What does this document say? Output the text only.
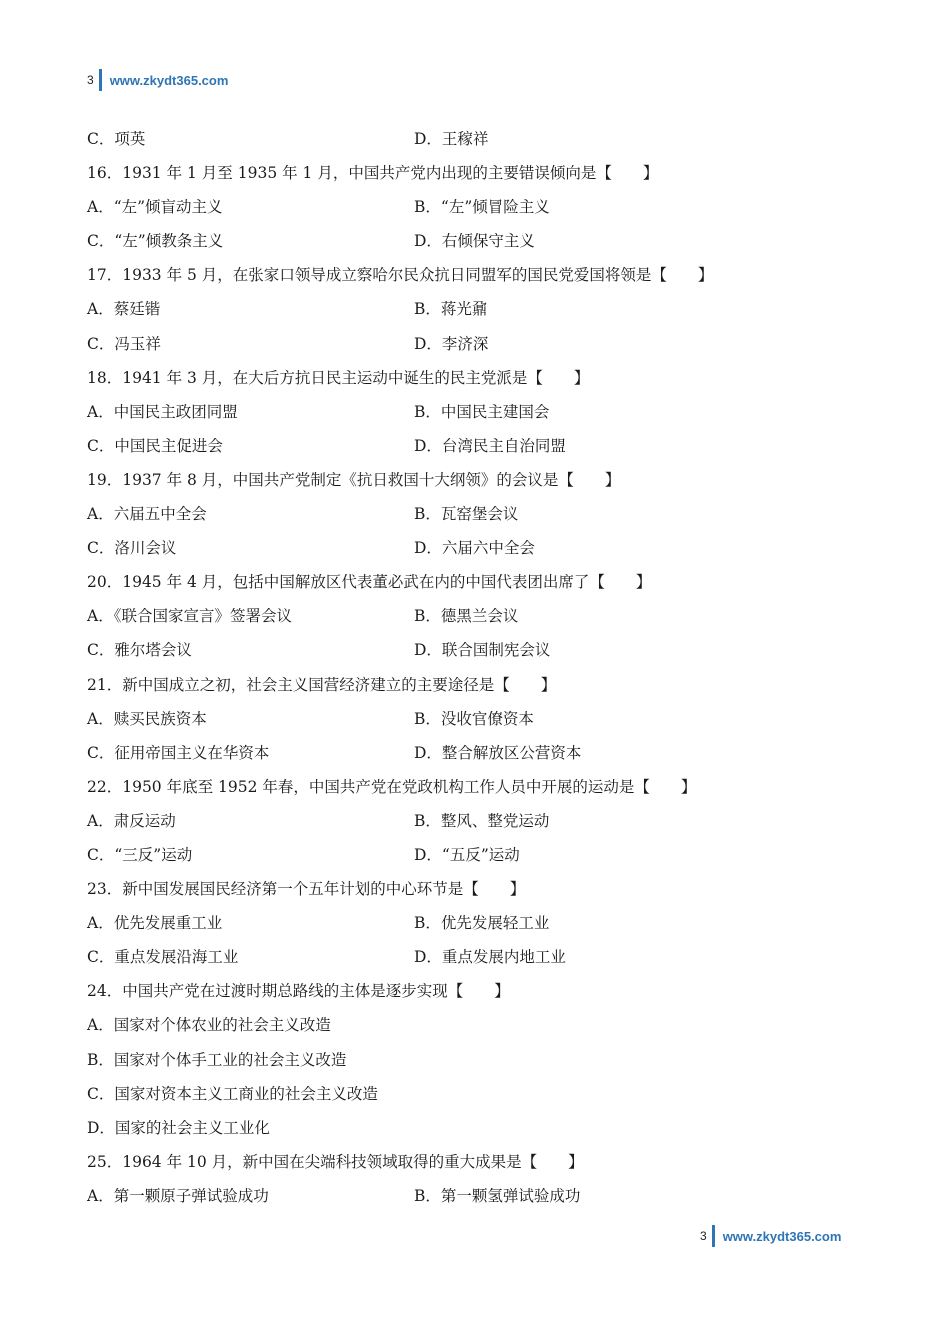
3 www.zkydt365.com
C．项英	D．王稼祥
16．1931 年 1 月至 1935 年 1 月，中国共产党内出现的主要错误倾向是【　　】
A．“左”倾盲动主义	B．“左”倾冒险主义
C．“左”倾教条主义	D．右倾保守主义
17．1933 年 5 月，在张家口领导成立察哈尔民众抗日同盟军的国民党爱国将领是【　　】
A．蔡廷锴	B．蒋光鼐
C．冯玉祥	D．李济深
18．1941 年 3 月，在大后方抗日民主运动中诞生的民主党派是【　　】
A．中国民主政团同盟	B．中国民主建国会
C．中国民主促进会	D．台湾民主自治同盟
19．1937 年 8 月，中国共产党制定《抗日救国十大纲领》的会议是【　　】
A．六届五中全会	B．瓦窑堡会议
C．洛川会议	D．六届六中全会
20．1945 年 4 月，包括中国解放区代表董必武在内的中国代表团出席了【　　】
A．《联合国家宣言》签署会议	B．德黑兰会议
C．雅尔塔会议	D．联合国制宪会议
21．新中国成立之初，社会主义国营经济建立的主要途径是【　　】
A．赎买民族资本	B．没收官僚资本
C．征用帝国主义在华资本	D．整合解放区公营资本
22．1950 年底至 1952 年春，中国共产党在党政机构工作人员中开展的运动是【　　】
A．肃反运动	B．整风、整党运动
C．“三反”运动	D．“五反”运动
23．新中国发展国民经济第一个五年计划的中心环节是【　　】
A．优先发展重工业	B．优先发展轻工业
C．重点发展沿海工业	D．重点发展内地工业
24．中国共产党在过渡时期总路线的主体是逐步实现【　　】
A．国家对个体农业的社会主义改造
B．国家对个体手工业的社会主义改造
C．国家对资本主义工商业的社会主义改造
D．国家的社会主义工业化
25．1964 年 10 月，新中国在尖端科技领域取得的重大成果是【　　】
A．第一颗原子弹试验成功	B．第一颗氢弹试验成功
3 www.zkydt365.com
